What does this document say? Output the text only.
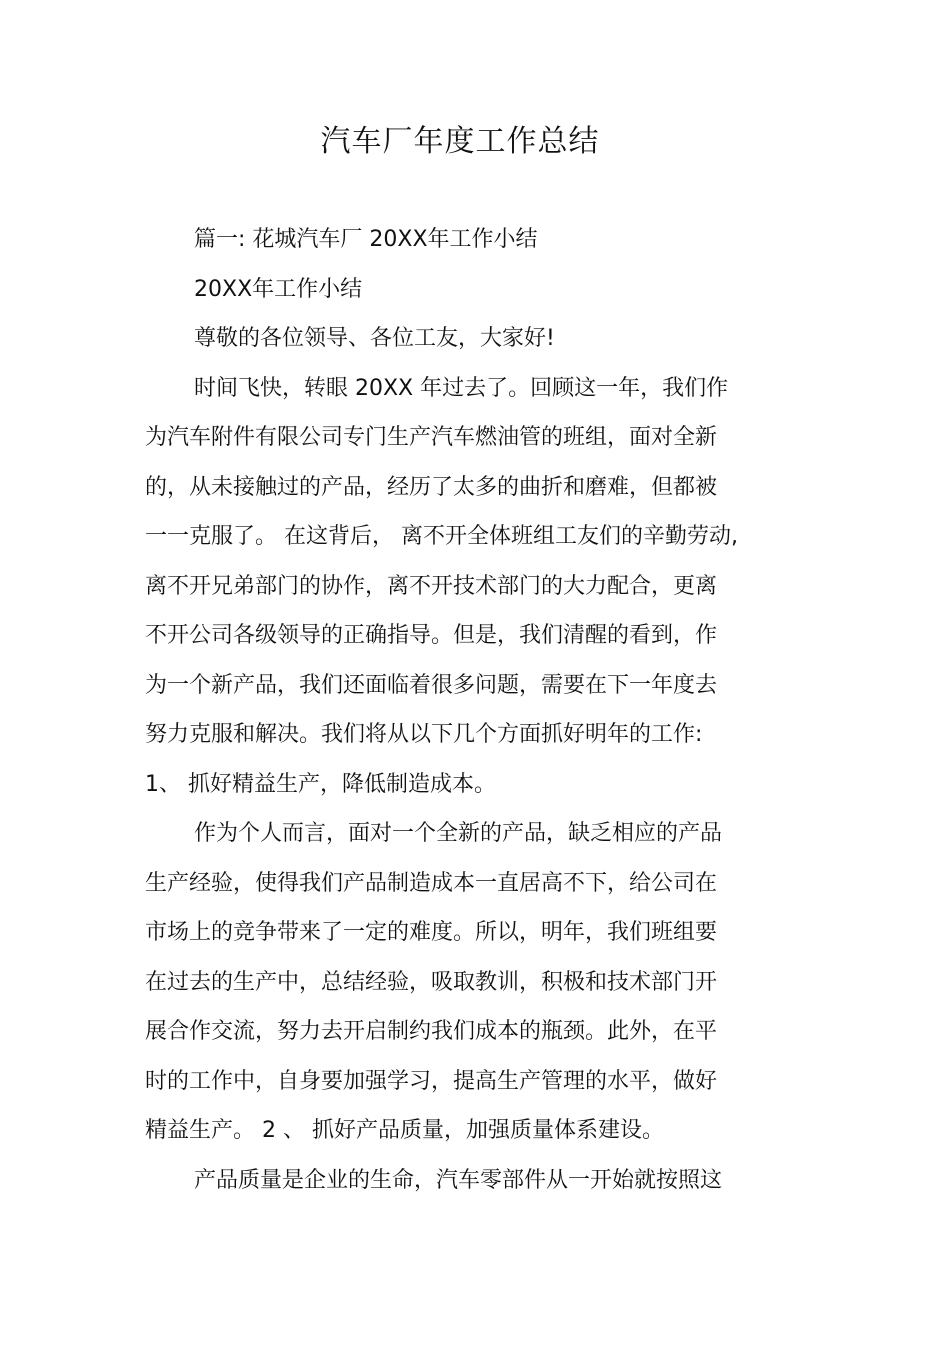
汽车厂年度工作总结
篇一: 花城汽车厂 20XX年工作小结
20XX年工作小结
尊敬的各位领导、各位工友，大家好!
时间飞快，转眼 20XX 年过去了。回顾这一年，我们作
为汽车附件有限公司专门生产汽车燃油管的班组，面对全新
的，从未接触过的产品，经历了太多的曲折和磨难，但都被
一一克服了。 在这背后， 离不开全体班组工友们的辛勤劳动,
离不开兄弟部门的协作，离不开技术部门的大力配合，更离
不开公司各级领导的正确指导。但是，我们清醒的看到，作
为一个新产品，我们还面临着很多问题，需要在下一年度去
努力克服和解决。我们将从以下几个方面抓好明年的工作:
1、 抓好精益生产，降低制造成本。
作为个人而言，面对一个全新的产品，缺乏相应的产品
生产经验，使得我们产品制造成本一直居高不下，给公司在
市场上的竞争带来了一定的难度。所以，明年，我们班组要
在过去的生产中，总结经验，吸取教训，积极和技术部门开
展合作交流，努力去开启制约我们成本的瓶颈。此外，在平
时的工作中，自身要加强学习，提高生产管理的水平，做好
精益生产。 2 、 抓好产品质量，加强质量体系建设。
产品质量是企业的生命，汽车零部件从一开始就按照这
